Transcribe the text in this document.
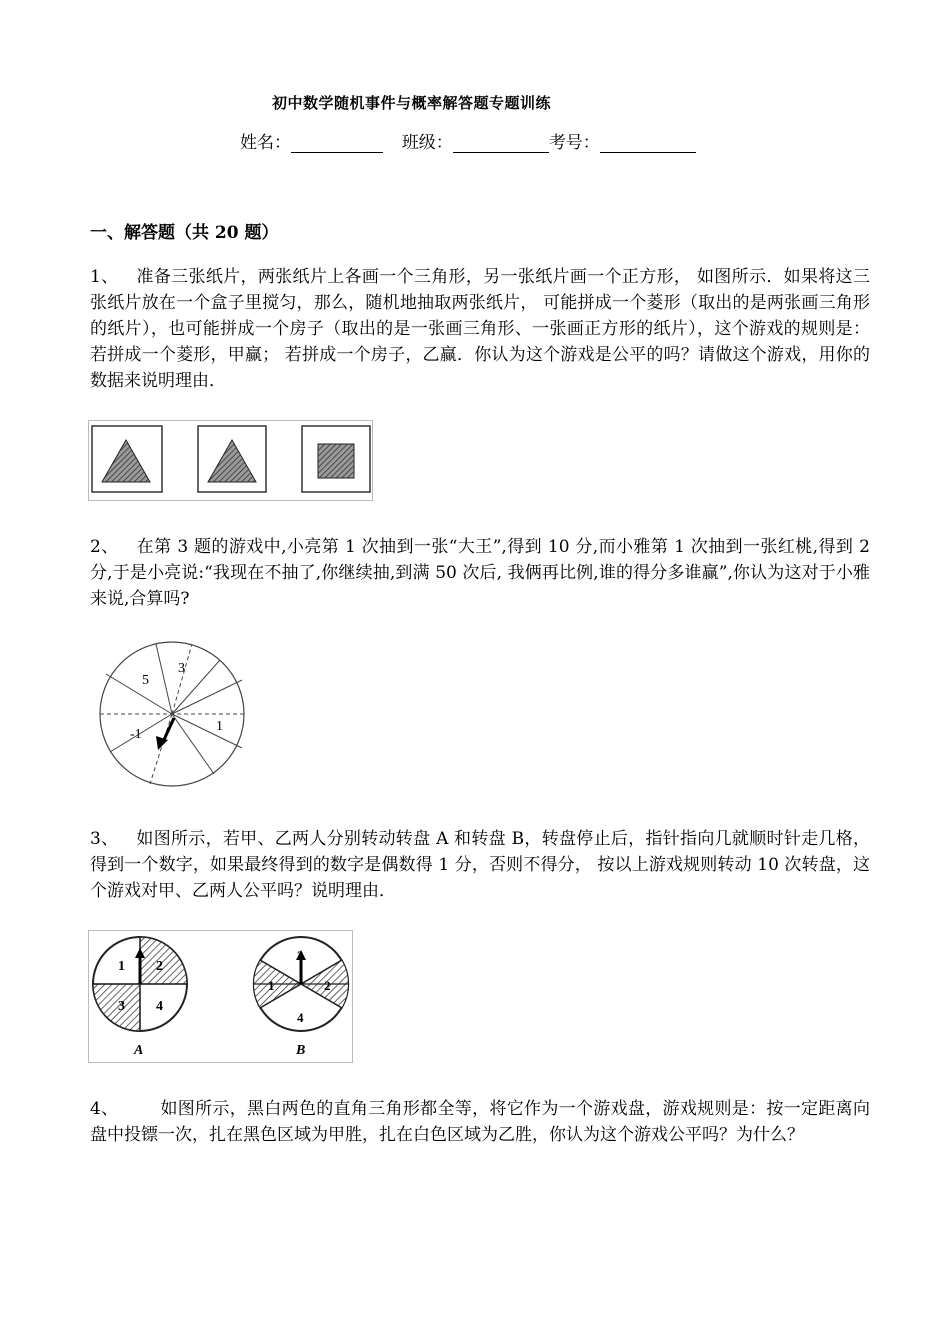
初中数学随机事件与概率解答题专题训练
姓名：	班级：	考号：
一、解答题（共 20 题）
1、 准备三张纸片，两张纸片上各画一个三角形，另一张纸片画一个正方形， 如图所示．如果将这三张纸片放在一个盒子里搅匀，那么，随机地抽取两张纸片， 可能拼成一个菱形（取出的是两张画三角形的纸片），也可能拼成一个房子（取出的是一张画三角形、一张画正方形的纸片），这个游戏的规则是：若拼成一个菱形，甲赢； 若拼成一个房子，乙赢．你认为这个游戏是公平的吗？请做这个游戏，用你的数据来说明理由．
2、 在第 3 题的游戏中,小亮第 1 次抽到一张“大王”,得到 10 分,而小雅第 1 次抽到一张红桃,得到 2 分,于是小亮说:“我现在不抽了,你继续抽,到满 50 次后, 我俩再比例,谁的得分多谁赢”,你认为这对于小雅来说,合算吗?
5
3
1
-1
3、 如图所示，若甲、乙两人分别转动转盘 A 和转盘 B，转盘停止后，指针指向几就顺时针走几格，得到一个数字，如果最终得到的数字是偶数得 1 分，否则不得分， 按以上游戏规则转动 10 次转盘，这个游戏对甲、乙两人公平吗？说明理由．
1 2
3 4
A
3
1	2
4
B
4、 如图所示，黑白两色的直角三角形都全等，将它作为一个游戏盘，游戏规则是：按一定距离向盘中投镖一次，扎在黑色区域为甲胜，扎在白色区域为乙胜，你认为这个游戏公平吗？为什么？
